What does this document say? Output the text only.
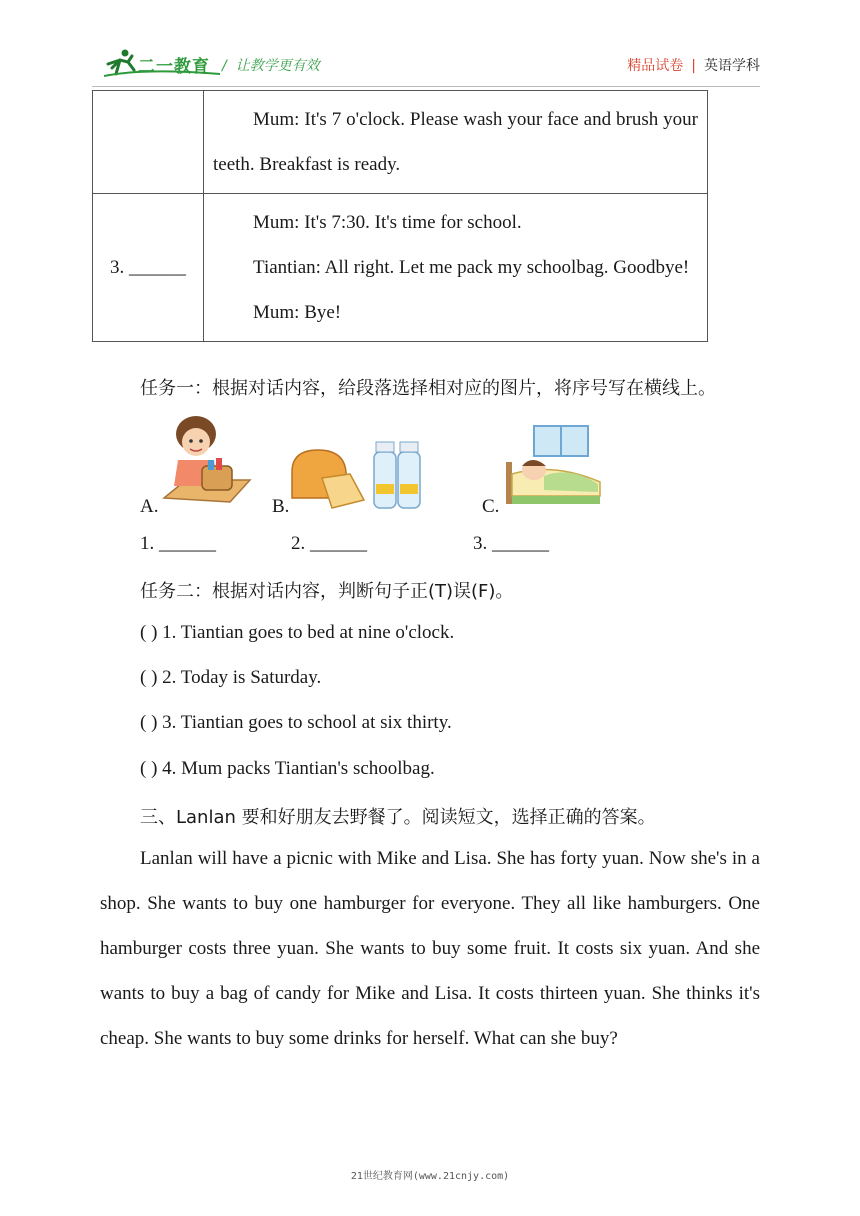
二一教育 /  让教学更有效	精品试卷 | 英语学科

	Mum: It's 7 o'clock. Please wash your face and brush your teeth. Breakfast is ready.

3. ______	Mum: It's 7:30. It's time for school.

Tiantian: All right. Let me pack my schoolbag. Goodbye!

Mum: Bye!

任务一：根据对话内容，给段落选择相对应的图片，将序号写在横线上。
A.	B.	C.
1. ______	2. ______	3. ______
任务二：根据对话内容，判断句子正(T)误(F)。
( ) 1. Tiantian goes to bed at nine o'clock.
( ) 2. Today is Saturday.
( ) 3. Tiantian goes to school at six thirty.
( ) 4. Mum packs Tiantian's schoolbag.
三、Lanlan 要和好朋友去野餐了。阅读短文，选择正确的答案。

Lanlan will have a picnic with Mike and Lisa. She has forty yuan. Now she's in a shop. She wants to buy one hamburger for everyone. They all like hamburgers. One hamburger costs three yuan. She wants to buy some fruit. It costs six yuan. And she wants to buy a bag of candy for Mike and Lisa. It costs thirteen yuan. She thinks it's cheap. She wants to buy some drinks for herself. What can she buy?

21世纪教育网(www.21cnjy.com)
